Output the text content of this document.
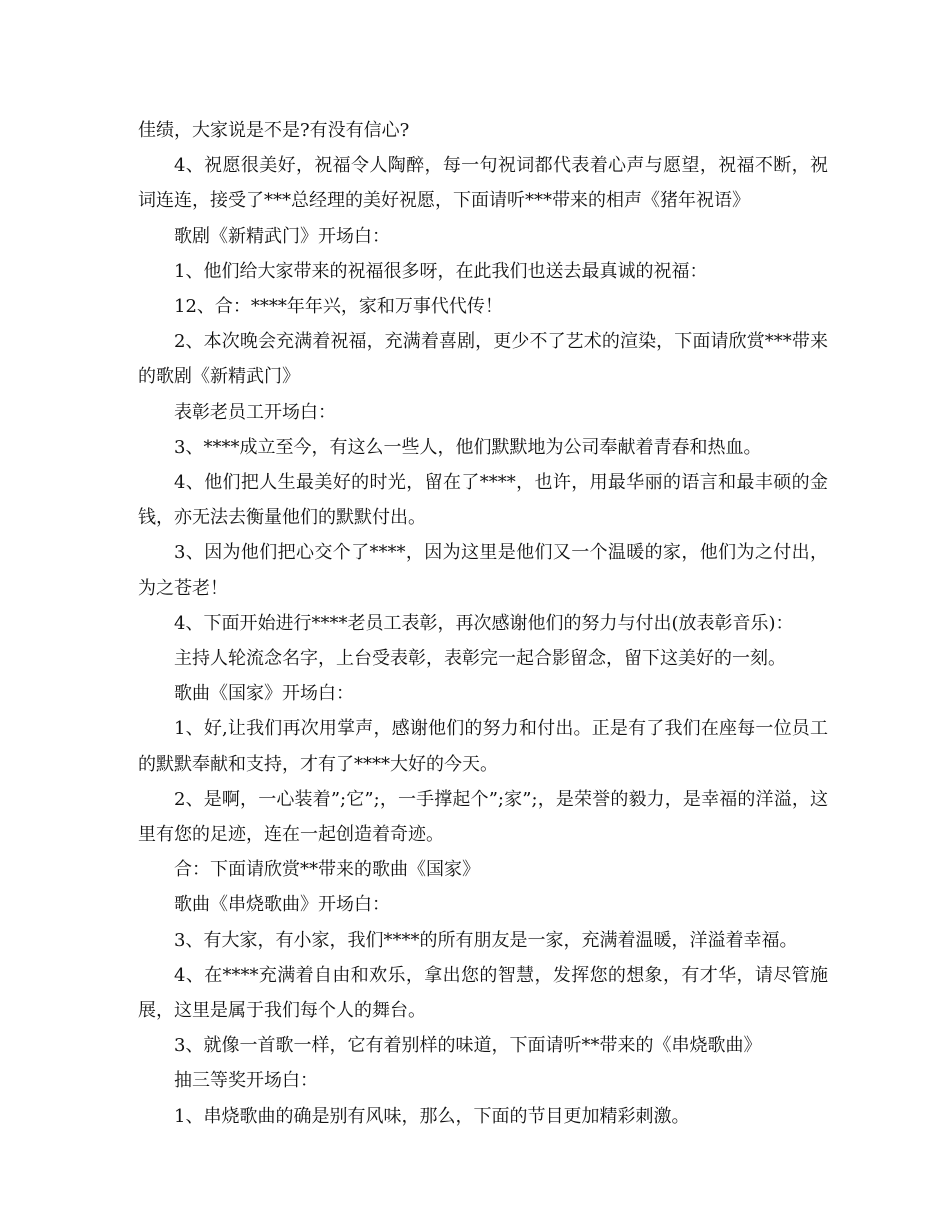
佳绩，大家说是不是?有没有信心?

4、祝愿很美好，祝福令人陶醉，每一句祝词都代表着心声与愿望，祝福不断，祝词连连，接受了***总经理的美好祝愿，下面请听***带来的相声《猪年祝语》

歌剧《新精武门》开场白：

1、他们给大家带来的祝福很多呀，在此我们也送去最真诚的祝福：

12、合：****年年兴，家和万事代代传！

2、本次晚会充满着祝福，充满着喜剧，更少不了艺术的渲染，下面请欣赏***带来的歌剧《新精武门》

表彰老员工开场白：

3、****成立至今，有这么一些人，他们默默地为公司奉献着青春和热血。

4、他们把人生最美好的时光，留在了****，也许，用最华丽的语言和最丰硕的金钱，亦无法去衡量他们的默默付出。

3、因为他们把心交个了****，因为这里是他们又一个温暖的家，他们为之付出，为之苍老！

4、下面开始进行****老员工表彰，再次感谢他们的努力与付出(放表彰音乐)：

主持人轮流念名字，上台受表彰，表彰完一起合影留念，留下这美好的一刻。

歌曲《国家》开场白：

1、好,让我们再次用掌声，感谢他们的努力和付出。正是有了我们在座每一位员工的默默奉献和支持，才有了****大好的今天。

2、是啊，一心装着”;它”;，一手撑起个”;家”;，是荣誉的毅力，是幸福的洋溢，这里有您的足迹，连在一起创造着奇迹。

合：下面请欣赏**带来的歌曲《国家》

歌曲《串烧歌曲》开场白：

3、有大家，有小家，我们****的所有朋友是一家，充满着温暖，洋溢着幸福。

4、在****充满着自由和欢乐，拿出您的智慧，发挥您的想象，有才华，请尽管施展，这里是属于我们每个人的舞台。

3、就像一首歌一样，它有着别样的味道，下面请听**带来的《串烧歌曲》

抽三等奖开场白：

1、串烧歌曲的确是别有风味，那么，下面的节目更加精彩刺激。
